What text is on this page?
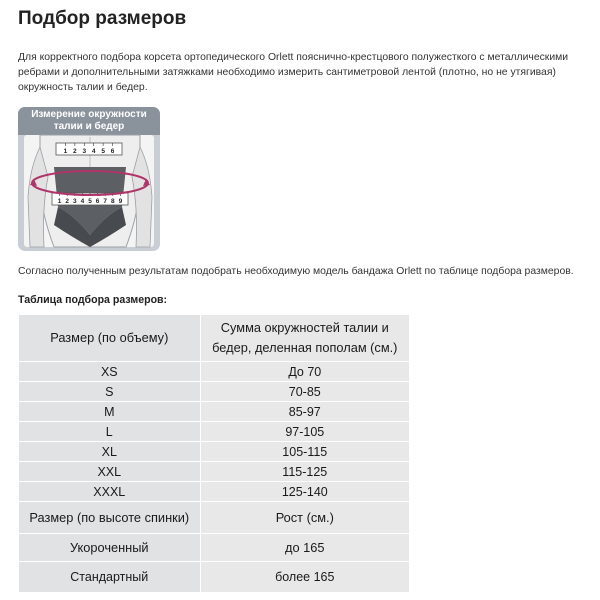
Подбор размеров
Для корректного подбора корсета ортопедического Orlett пояснично-крестцового полужесткого с металлическими ребрами и дополнительными затяжками необходимо измерить сантиметровой лентой (плотно, но не утягивая) окружность талии и бедер.
1 2 3 4 5 6
1 2 3 4 5 6 7 8 9
Измерение окружности
талии и бедер
Согласно полученным результатам подобрать необходимую модель бандажа Orlett по таблице подбора размеров.
Таблица подбора размеров:
Размер (по объему)	Сумма окружностей талии и
бедер, деленная пополам (см.)

XS	До 70
S	70-85
M	85-97
L	97-105
XL	105-115
XXL	115-125
XXXL	125-140
Размер (по высоте спинки)	Рост (см.)
Укороченный	до 165
Стандартный	более 165
